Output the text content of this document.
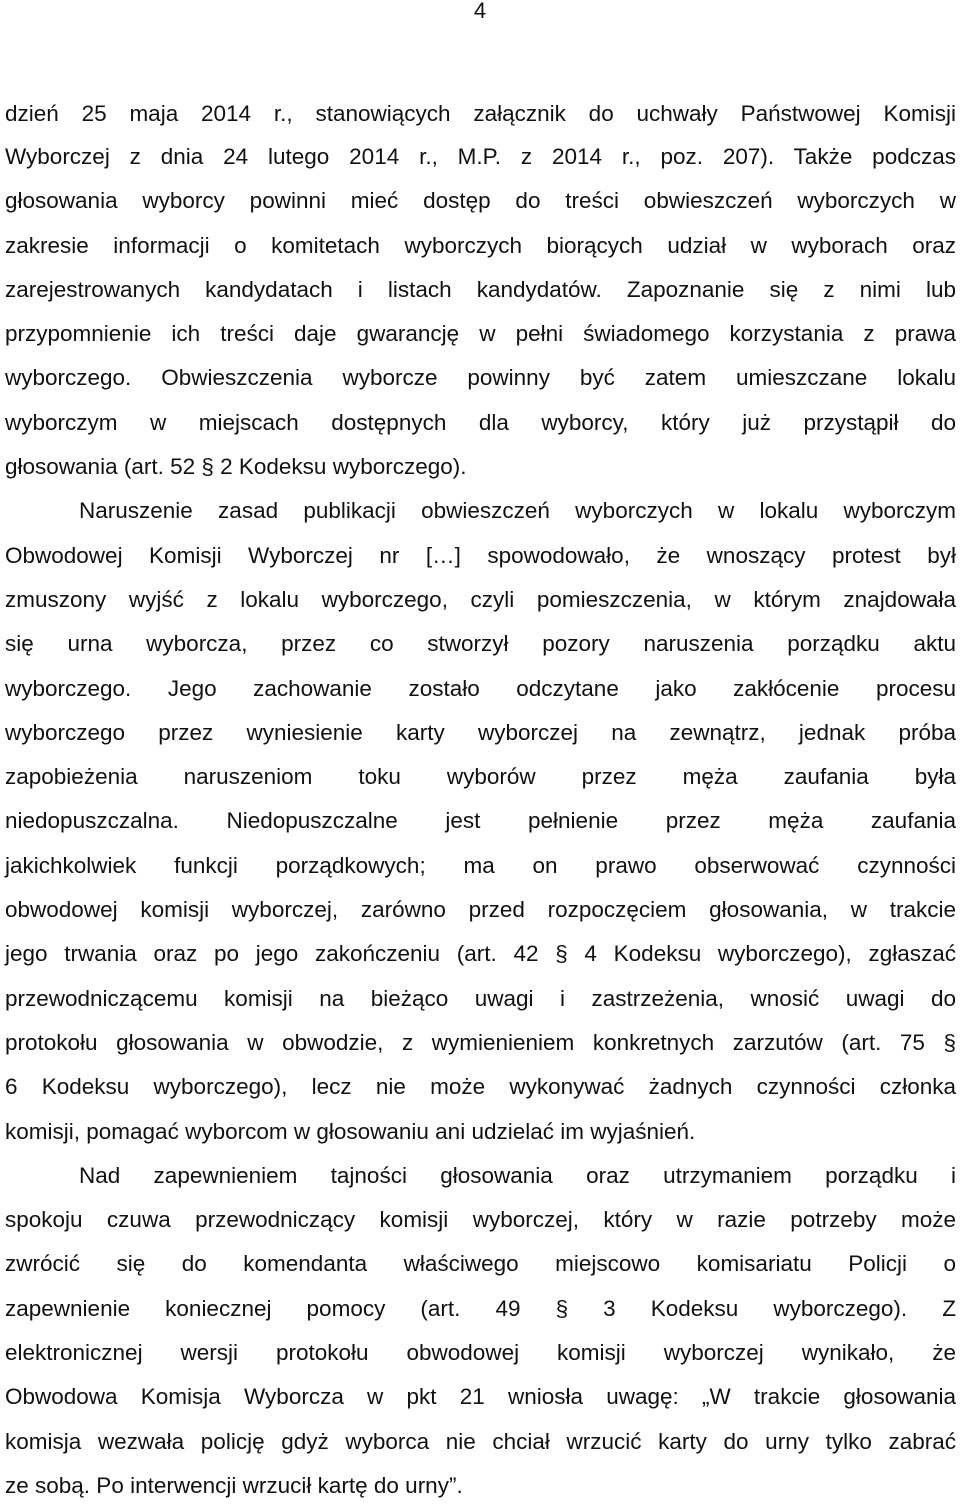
4
dzień 25 maja 2014 r., stanowiących załącznik do uchwały Państwowej Komisji
Wyborczej z dnia 24 lutego 2014 r., M.P. z 2014 r., poz. 207). Także podczas
głosowania wyborcy powinni mieć dostęp do treści obwieszczeń wyborczych w
zakresie informacji o komitetach wyborczych biorących udział w wyborach oraz
zarejestrowanych kandydatach i listach kandydatów. Zapoznanie się z nimi lub
przypomnienie ich treści daje gwarancję w pełni świadomego korzystania z prawa
wyborczego. Obwieszczenia wyborcze powinny być zatem umieszczane lokalu
wyborczym w miejscach dostępnych dla wyborcy, który już przystąpił do
głosowania (art. 52 § 2 Kodeksu wyborczego).
Naruszenie zasad publikacji obwieszczeń wyborczych w lokalu wyborczym
Obwodowej Komisji Wyborczej nr […] spowodowało, że wnoszący protest był
zmuszony wyjść z lokalu wyborczego, czyli pomieszczenia, w którym znajdowała
się urna wyborcza, przez co stworzył pozory naruszenia porządku aktu
wyborczego. Jego zachowanie zostało odczytane jako zakłócenie procesu
wyborczego przez wyniesienie karty wyborczej na zewnątrz, jednak próba
zapobieżenia naruszeniom toku wyborów przez męża zaufania była
niedopuszczalna. Niedopuszczalne jest pełnienie przez męża zaufania
jakichkolwiek funkcji porządkowych; ma on prawo obserwować czynności
obwodowej komisji wyborczej, zarówno przed rozpoczęciem głosowania, w trakcie
jego trwania oraz po jego zakończeniu (art. 42 § 4 Kodeksu wyborczego), zgłaszać
przewodniczącemu komisji na bieżąco uwagi i zastrzeżenia, wnosić uwagi do
protokołu głosowania w obwodzie, z wymienieniem konkretnych zarzutów (art. 75 §
6 Kodeksu wyborczego), lecz nie może wykonywać żadnych czynności członka
komisji, pomagać wyborcom w głosowaniu ani udzielać im wyjaśnień.
Nad zapewnieniem tajności głosowania oraz utrzymaniem porządku i
spokoju czuwa przewodniczący komisji wyborczej, który w razie potrzeby może
zwrócić się do komendanta właściwego miejscowo komisariatu Policji o
zapewnienie koniecznej pomocy (art. 49 § 3 Kodeksu wyborczego). Z
elektronicznej wersji protokołu obwodowej komisji wyborczej wynikało, że
Obwodowa Komisja Wyborcza w pkt 21 wniosła uwagę: „W trakcie głosowania
komisja wezwała policję gdyż wyborca nie chciał wrzucić karty do urny tylko zabrać
ze sobą. Po interwencji wrzucił kartę do urny”.
